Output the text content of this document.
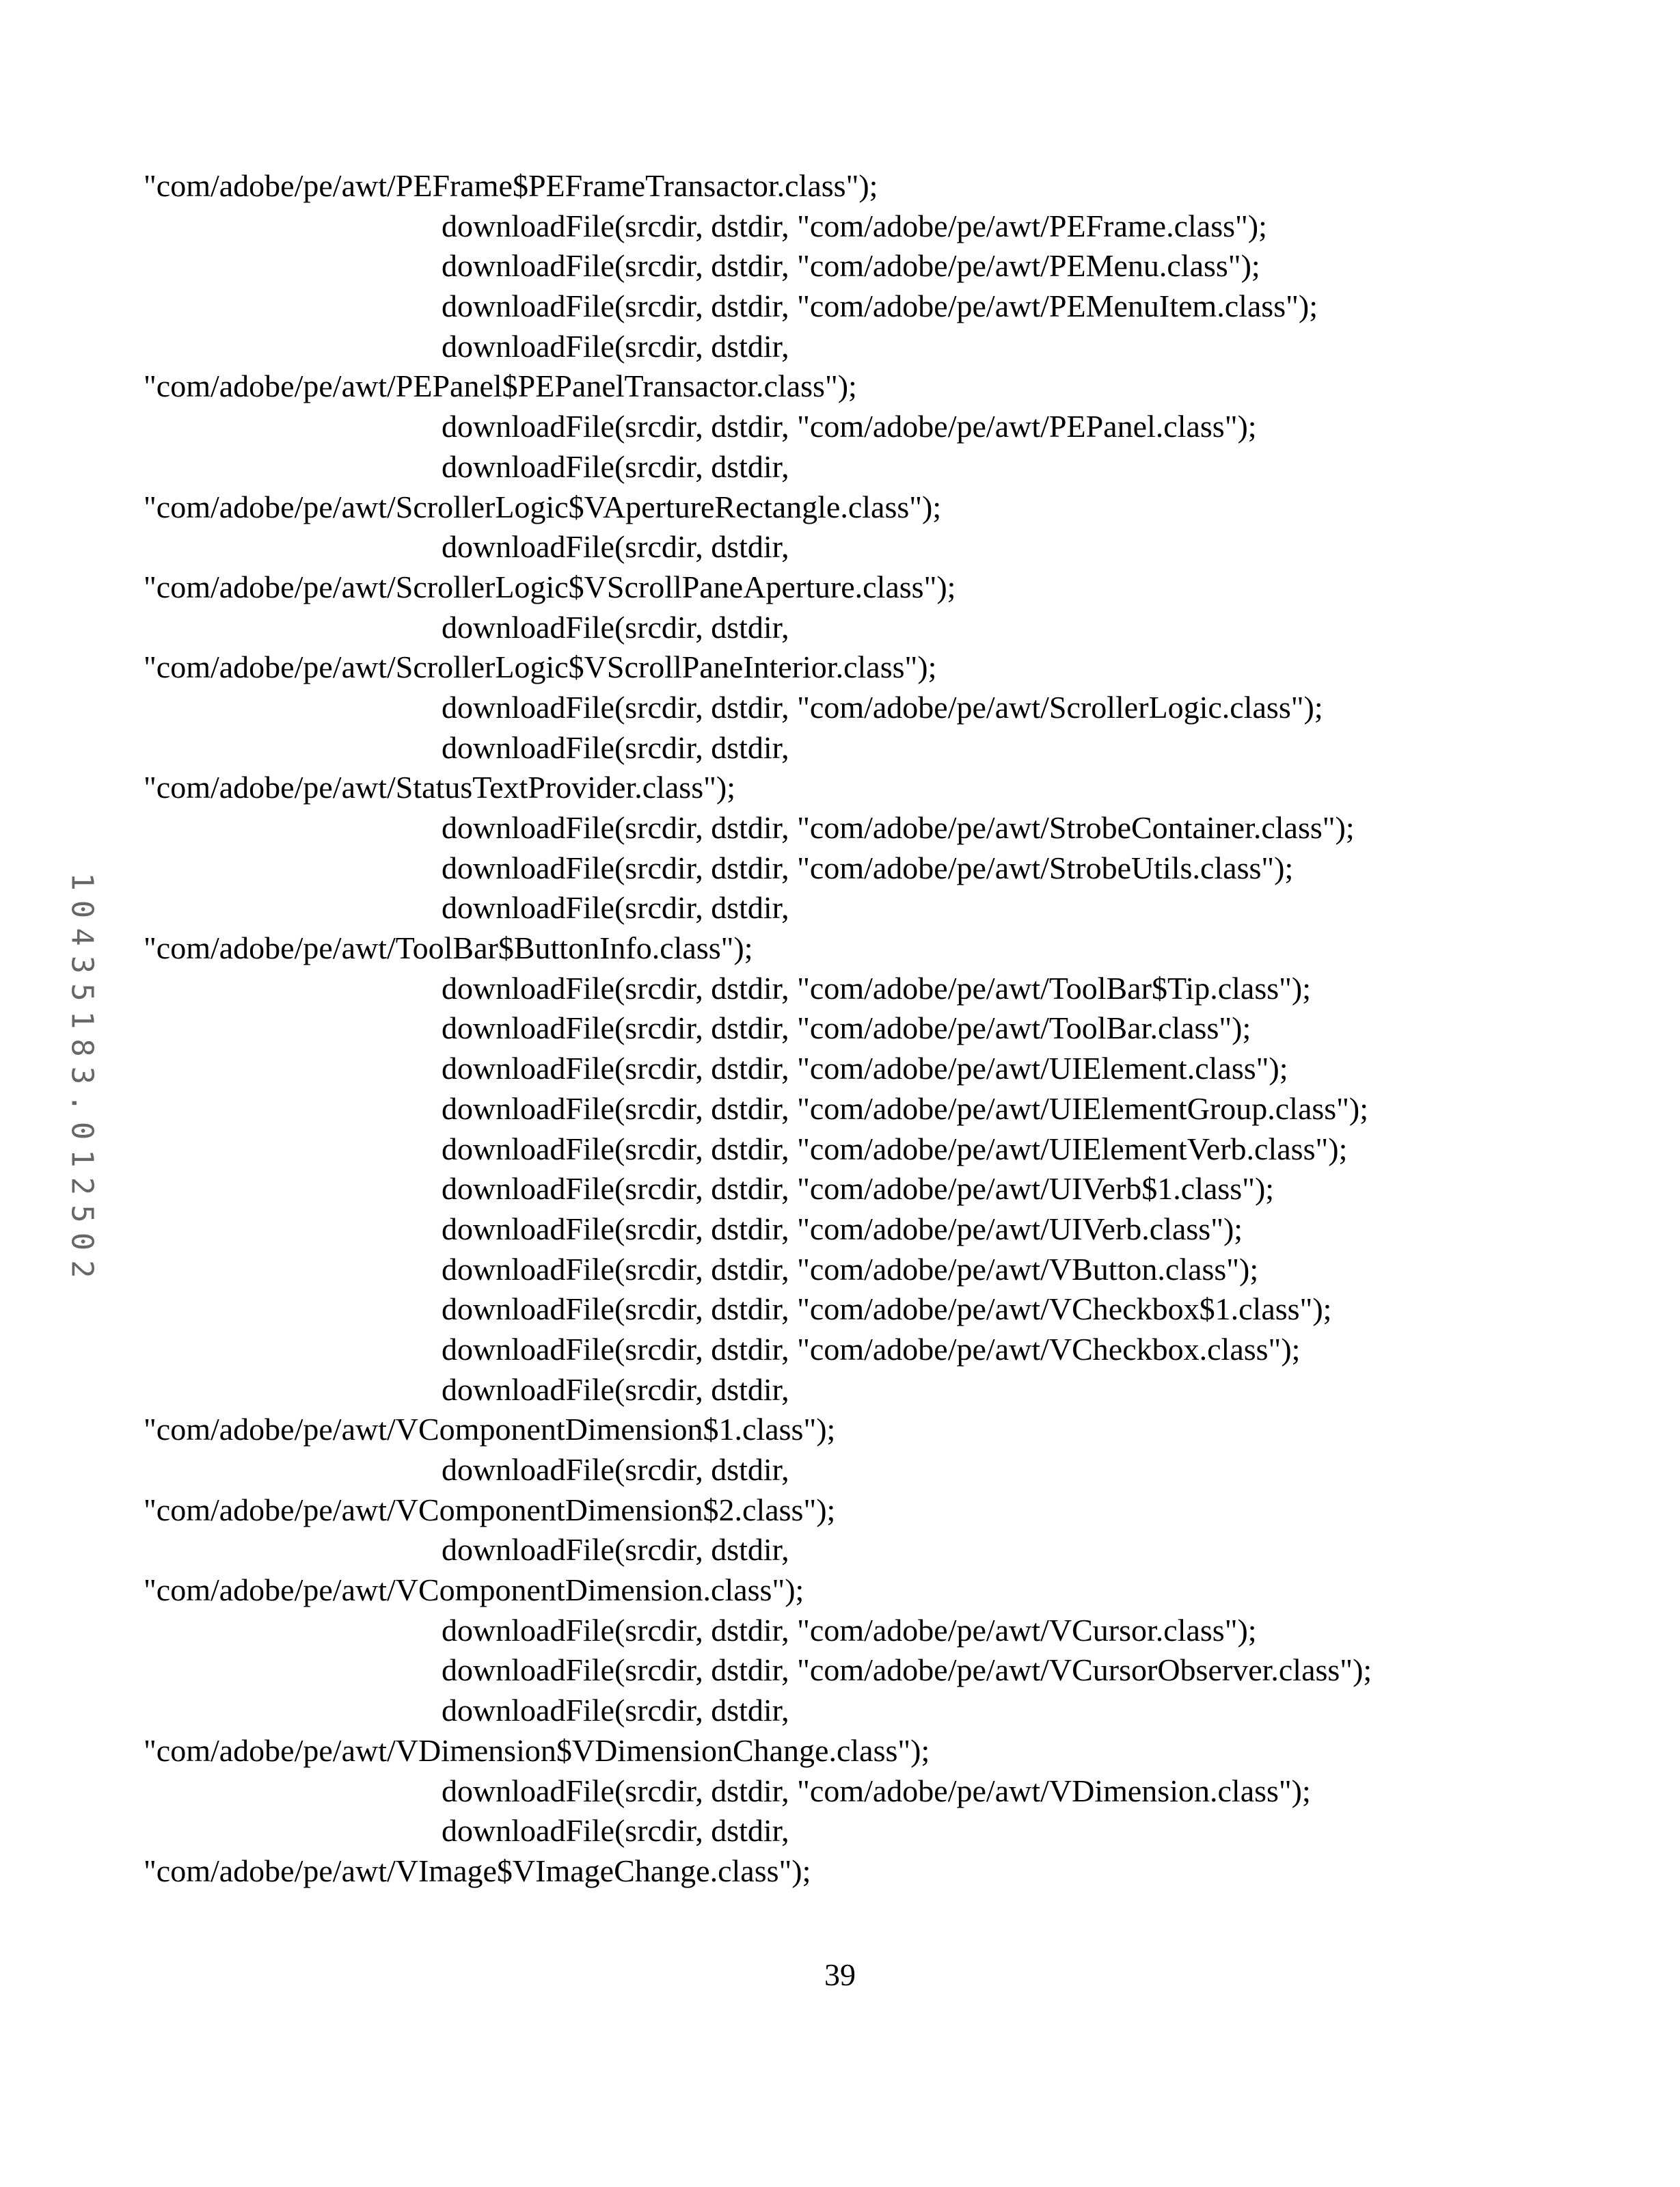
10435183.012502
"com/adobe/pe/awt/PEFrame$PEFrameTransactor.class");
downloadFile(srcdir, dstdir, "com/adobe/pe/awt/PEFrame.class");
downloadFile(srcdir, dstdir, "com/adobe/pe/awt/PEMenu.class");
downloadFile(srcdir, dstdir, "com/adobe/pe/awt/PEMenuItem.class");
downloadFile(srcdir, dstdir,
"com/adobe/pe/awt/PEPanel$PEPanelTransactor.class");
downloadFile(srcdir, dstdir, "com/adobe/pe/awt/PEPanel.class");
downloadFile(srcdir, dstdir,
"com/adobe/pe/awt/ScrollerLogic$VApertureRectangle.class");
downloadFile(srcdir, dstdir,
"com/adobe/pe/awt/ScrollerLogic$VScrollPaneAperture.class");
downloadFile(srcdir, dstdir,
"com/adobe/pe/awt/ScrollerLogic$VScrollPaneInterior.class");
downloadFile(srcdir, dstdir, "com/adobe/pe/awt/ScrollerLogic.class");
downloadFile(srcdir, dstdir,
"com/adobe/pe/awt/StatusTextProvider.class");
downloadFile(srcdir, dstdir, "com/adobe/pe/awt/StrobeContainer.class");
downloadFile(srcdir, dstdir, "com/adobe/pe/awt/StrobeUtils.class");
downloadFile(srcdir, dstdir,
"com/adobe/pe/awt/ToolBar$ButtonInfo.class");
downloadFile(srcdir, dstdir, "com/adobe/pe/awt/ToolBar$Tip.class");
downloadFile(srcdir, dstdir, "com/adobe/pe/awt/ToolBar.class");
downloadFile(srcdir, dstdir, "com/adobe/pe/awt/UIElement.class");
downloadFile(srcdir, dstdir, "com/adobe/pe/awt/UIElementGroup.class");
downloadFile(srcdir, dstdir, "com/adobe/pe/awt/UIElementVerb.class");
downloadFile(srcdir, dstdir, "com/adobe/pe/awt/UIVerb$1.class");
downloadFile(srcdir, dstdir, "com/adobe/pe/awt/UIVerb.class");
downloadFile(srcdir, dstdir, "com/adobe/pe/awt/VButton.class");
downloadFile(srcdir, dstdir, "com/adobe/pe/awt/VCheckbox$1.class");
downloadFile(srcdir, dstdir, "com/adobe/pe/awt/VCheckbox.class");
downloadFile(srcdir, dstdir,
"com/adobe/pe/awt/VComponentDimension$1.class");
downloadFile(srcdir, dstdir,
"com/adobe/pe/awt/VComponentDimension$2.class");
downloadFile(srcdir, dstdir,
"com/adobe/pe/awt/VComponentDimension.class");
downloadFile(srcdir, dstdir, "com/adobe/pe/awt/VCursor.class");
downloadFile(srcdir, dstdir, "com/adobe/pe/awt/VCursorObserver.class");
downloadFile(srcdir, dstdir,
"com/adobe/pe/awt/VDimension$VDimensionChange.class");
downloadFile(srcdir, dstdir, "com/adobe/pe/awt/VDimension.class");
downloadFile(srcdir, dstdir,
"com/adobe/pe/awt/VImage$VImageChange.class");
39
